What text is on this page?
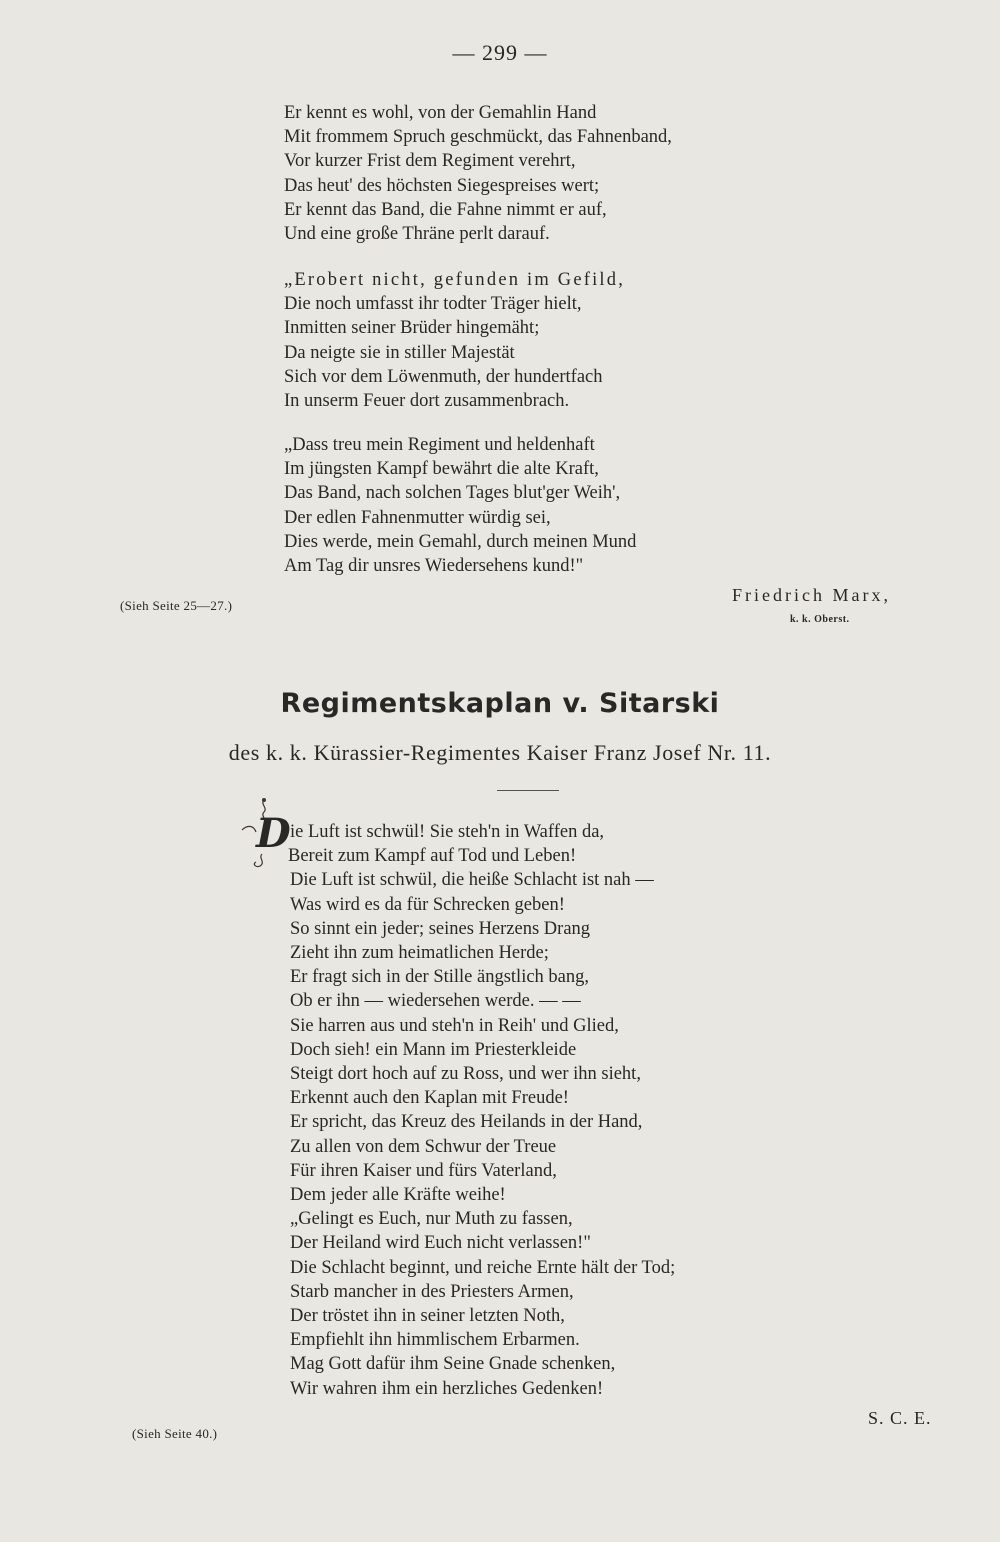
— 299 —
Er kennt es wohl, von der Gemahlin Hand
Mit frommem Spruch geschmückt, das Fahnenband,
Vor kurzer Frist dem Regiment verehrt,
Das heut' des höchsten Siegespreises wert;
Er kennt das Band, die Fahne nimmt er auf,
Und eine große Thräne perlt darauf.
„Erobert nicht, gefunden im Gefild,
Die noch umfasst ihr todter Träger hielt,
Inmitten seiner Brüder hingemäht;
Da neigte sie in stiller Majestät
Sich vor dem Löwenmuth, der hundertfach
In unserm Feuer dort zusammenbrach.
„Dass treu mein Regiment und heldenhaft
Im jüngsten Kampf bewährt die alte Kraft,
Das Band, nach solchen Tages blut'ger Weih',
Der edlen Fahnenmutter würdig sei,
Dies werde, mein Gemahl, durch meinen Mund
Am Tag dir unsres Wiedersehens kund!"
(Sieh Seite 25—27.)
Friedrich Marx,
k. k. Oberst.
Regimentskaplan v. Sitarski
des k. k. Kürassier-Regimentes Kaiser Franz Josef Nr. 11.
D ie Luft ist schwül! Sie steh'n in Waffen da,
Bereit zum Kampf auf Tod und Leben!
Die Luft ist schwül, die heiße Schlacht ist nah —
Was wird es da für Schrecken geben!
So sinnt ein jeder; seines Herzens Drang
Zieht ihn zum heimatlichen Herde;
Er fragt sich in der Stille ängstlich bang,
Ob er ihn — wiedersehen werde. — —
Sie harren aus und steh'n in Reih' und Glied,
Doch sieh! ein Mann im Priesterkleide
Steigt dort hoch auf zu Ross, und wer ihn sieht,
Erkennt auch den Kaplan mit Freude!
Er spricht, das Kreuz des Heilands in der Hand,
Zu allen von dem Schwur der Treue
Für ihren Kaiser und fürs Vaterland,
Dem jeder alle Kräfte weihe!
„Gelingt es Euch, nur Muth zu fassen,
Der Heiland wird Euch nicht verlassen!"
Die Schlacht beginnt, und reiche Ernte hält der Tod;
Starb mancher in des Priesters Armen,
Der tröstet ihn in seiner letzten Noth,
Empfiehlt ihn himmlischem Erbarmen.
Mag Gott dafür ihm Seine Gnade schenken,
Wir wahren ihm ein herzliches Gedenken!
(Sieh Seite 40.)
S. C. E.
